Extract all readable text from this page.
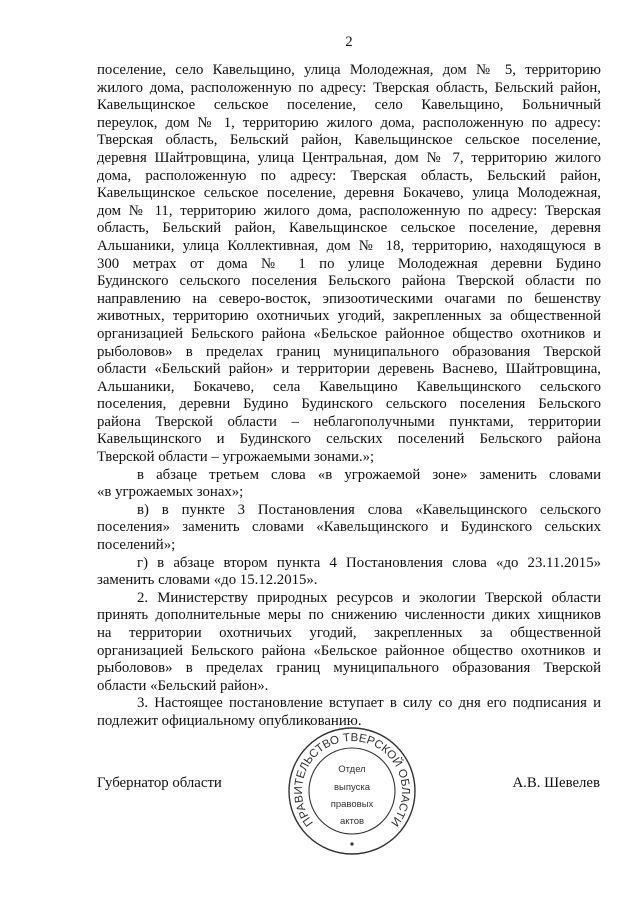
2
поселение, село Кавельщино, улица Молодежная, дом № 5, территорию
жилого дома, расположенную по адресу: Тверская область, Бельский район,
Кавельщинское сельское поселение, село Кавельщино, Больничный
переулок, дом № 1, территорию жилого дома, расположенную по адресу:
Тверская область, Бельский район, Кавельщинское сельское поселение,
деревня Шайтровщина, улица Центральная, дом № 7, территорию жилого
дома, расположенную по адресу: Тверская область, Бельский район,
Кавельщинское сельское поселение, деревня Бокачево, улица Молодежная,
дом № 11, территорию жилого дома, расположенную по адресу: Тверская
область, Бельский район, Кавельщинское сельское поселение, деревня
Альшаники, улица Коллективная, дом № 18, территорию, находящуюся в
300 метрах от дома № 1 по улице Молодежная деревни Будино
Будинского сельского поселения Бельского района Тверской области по
направлению на северо-восток, эпизоотическими очагами по бешенству
животных, территорию охотничьих угодий, закрепленных за общественной
организацией Бельского района «Бельское районное общество охотников и
рыболовов» в пределах границ муниципального образования Тверской
области «Бельский район» и территории деревень Васнево, Шайтровщина,
Альшаники, Бокачево, села Кавельщино Кавельщинского сельского
поселения, деревни Будино Будинского сельского поселения Бельского
района Тверской области – неблагополучными пунктами, территории
Кавельщинского и Будинского сельских поселений Бельского района
Тверской области – угрожаемыми зонами.»;
в абзаце третьем слова «в угрожаемой зоне» заменить словами
«в угрожаемых зонах»;
в) в пункте 3 Постановления слова «Кавельщинского сельского
поселения» заменить словами «Кавельщинского и Будинского сельских
поселений»;
г) в абзаце втором пункта 4 Постановления слова «до 23.11.2015»
заменить словами «до 15.12.2015».
2. Министерству природных ресурсов и экологии Тверской области
принять дополнительные меры по снижению численности диких хищников
на территории охотничьих угодий, закрепленных за общественной
организацией Бельского района «Бельское районное общество охотников и
рыболовов» в пределах границ муниципального образования Тверской
области «Бельский район».
3. Настоящее постановление вступает в силу со дня его подписания и
подлежит официальному опубликованию.
Губернатор области	А.В. Шевелев
ПРАВИТЕЛЬСТВО ТВЕРСКОЙ ОБЛАСТИ
Отдел
выпуска
правовых
актов
